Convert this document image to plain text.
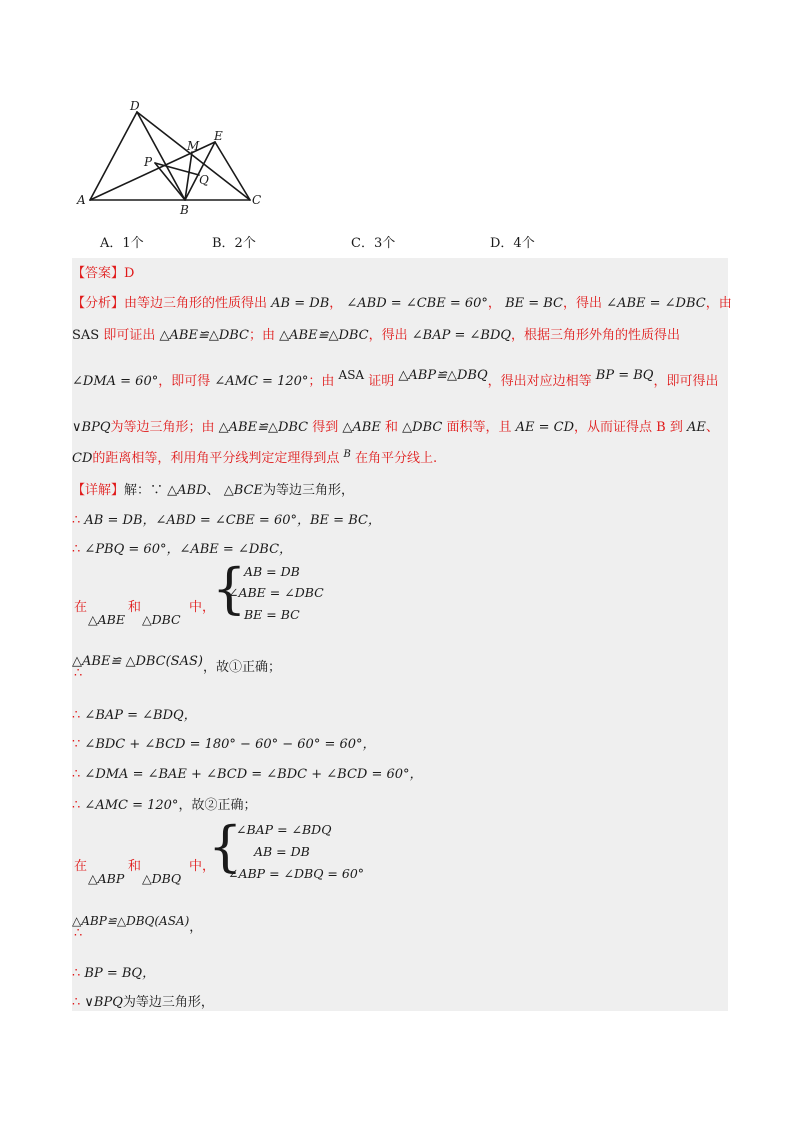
D
E
M
P
Q
A
B
C
A．1个	B．2个	C．3个	D．4个
【答案】D
【分析】由等边三角形的性质得出 AB = DB， ∠ABD = ∠CBE = 60°， BE = BC，得出 ∠ABE = ∠DBC，由
SAS 即可证出 △ABE≌△DBC；由 △ABE≌△DBC，得出 ∠BAP = ∠BDQ，根据三角形外角的性质得出
∠DMA = 60°，即可得 ∠AMC = 120°；由 ASA 证明 △ABP≌△DBQ，得出对应边相等 BP = BQ，即可得出
∨BPQ为等边三角形；由 △ABE≌△DBC 得到 △ABE 和 △DBC 面积等，且 AE = CD，从而证得点 B 到 AE、
CD的距离相等，利用角平分线判定定理得到点 $^B$ 在角平分线上.
【详解】解：∵ △ABD、 △BCE为等边三角形，
∴ AB = DB，∠ABD = ∠CBE = 60°，BE = BC，
∴ ∠PBQ = 60°，∠ABE = ∠DBC，
在
△ABE
和
△DBC
中，
{
AB = DB
∠ABE = ∠DBC
BE = BC
△ABE≌ △DBC(SAS)，故①正确；
∴
∴ ∠BAP = ∠BDQ，
∵ ∠BDC + ∠BCD = 180° − 60° − 60° = 60°，
∴ ∠DMA = ∠BAE + ∠BCD = ∠BDC + ∠BCD = 60°，
∴ ∠AMC = 120°，故②正确；
在
△ABP
和
△DBQ
中，
{
∠BAP = ∠BDQ
AB = DB
∠ABP = ∠DBQ = 60°
△ABP≌△DBQ(ASA)，
∴
∴ BP = BQ，
∴ ∨BPQ为等边三角形，
